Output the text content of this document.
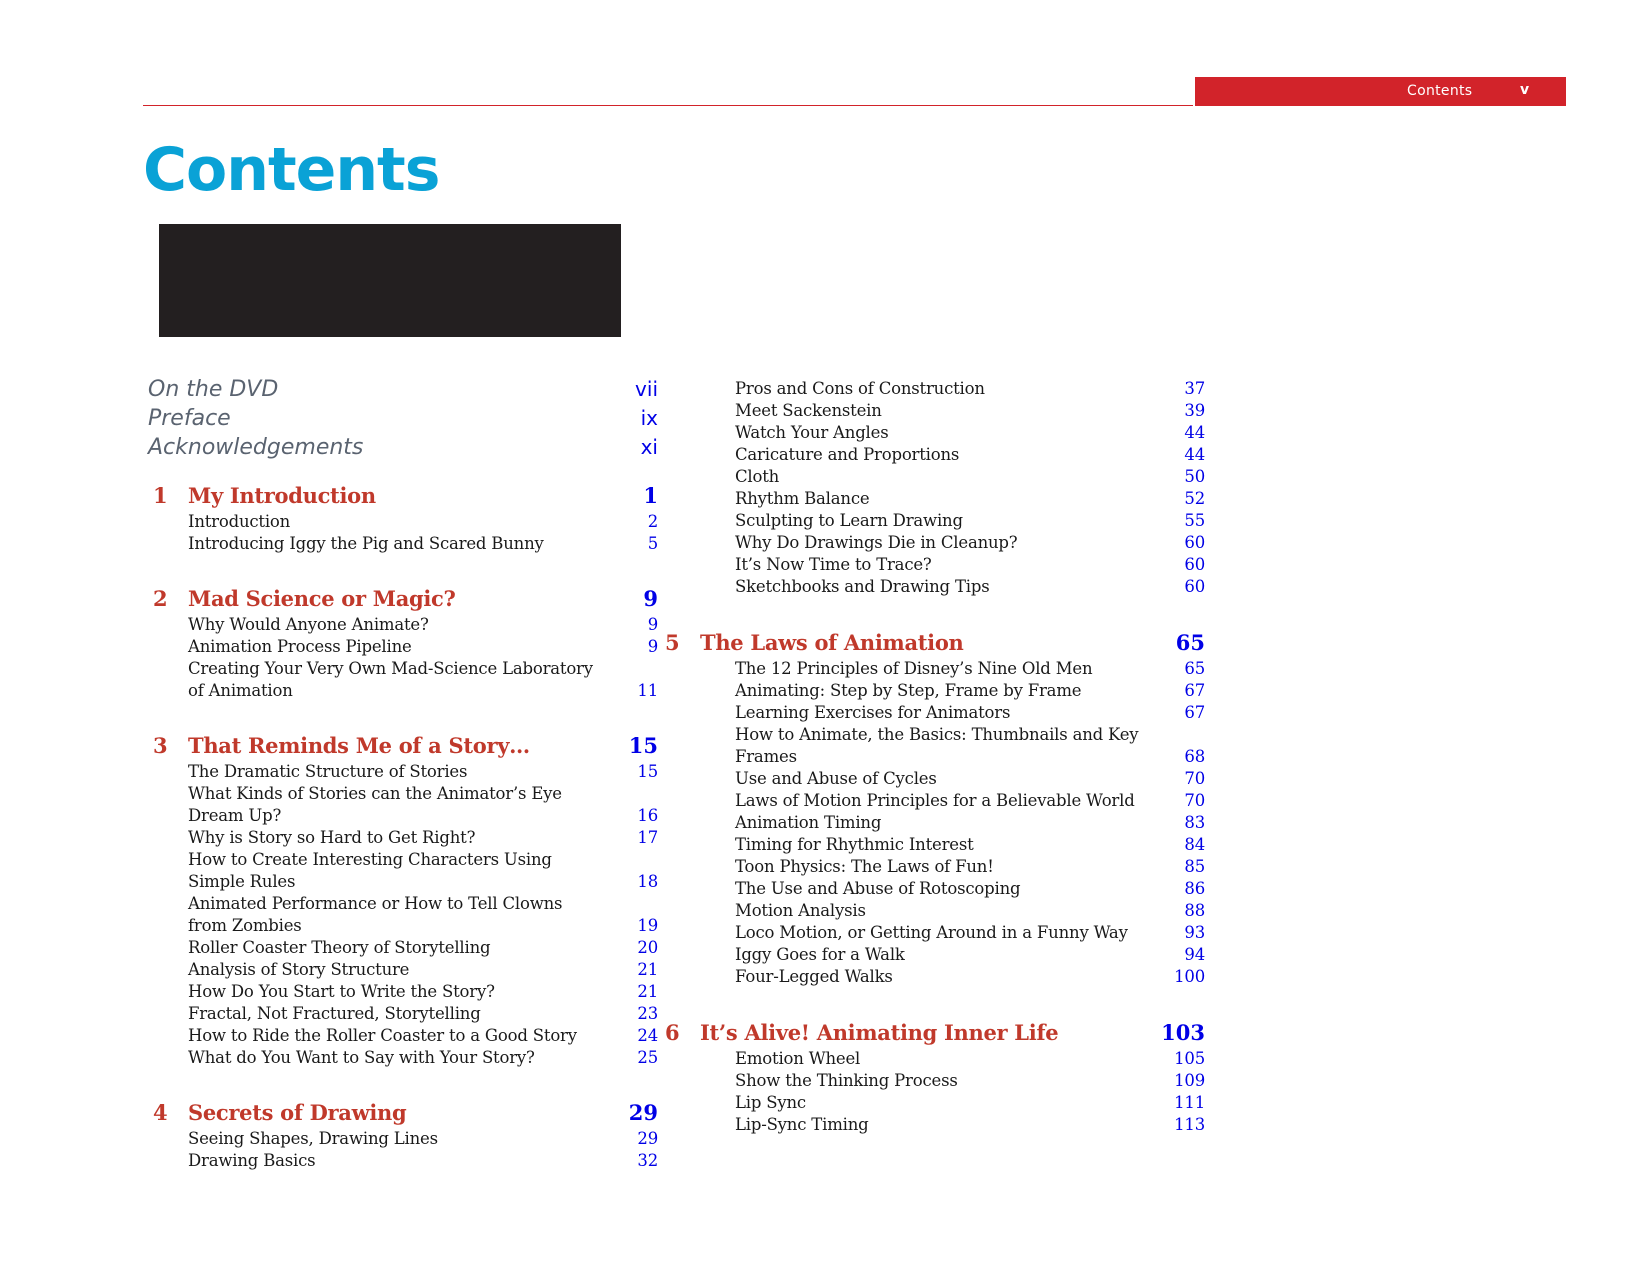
Contents	v
Contents
On the DVD	vii
Preface	ix
Acknowledgements	xi
1 My Introduction	1
Introduction	2
Introducing Iggy the Pig and Scared Bunny	5
2 Mad Science or Magic?	9
Why Would Anyone Animate?	9
Animation Process Pipeline	9
Creating Your Very Own Mad-Science Laboratory of Animation	11
3 That Reminds Me of a Story…	15
The Dramatic Structure of Stories	15
What Kinds of Stories can the Animator’s Eye Dream Up?	16
Why is Story so Hard to Get Right?	17
How to Create Interesting Characters Using Simple Rules	18
Animated Performance or How to Tell Clowns from Zombies	19
Roller Coaster Theory of Storytelling	20
Analysis of Story Structure	21
How Do You Start to Write the Story?	21
Fractal, Not Fractured, Storytelling	23
How to Ride the Roller Coaster to a Good Story	24
What do You Want to Say with Your Story?	25
4 Secrets of Drawing	29
Seeing Shapes, Drawing Lines	29
Drawing Basics	32
Pros and Cons of Construction	37
Meet Sackenstein	39
Watch Your Angles	44
Caricature and Proportions	44
Cloth	50
Rhythm Balance	52
Sculpting to Learn Drawing	55
Why Do Drawings Die in Cleanup?	60
It’s Now Time to Trace?	60
Sketchbooks and Drawing Tips	60
5 The Laws of Animation	65
The 12 Principles of Disney’s Nine Old Men	65
Animating: Step by Step, Frame by Frame	67
Learning Exercises for Animators	67
How to Animate, the Basics: Thumbnails and Key Frames	68
Use and Abuse of Cycles	70
Laws of Motion Principles for a Believable World	70
Animation Timing	83
Timing for Rhythmic Interest	84
Toon Physics: The Laws of Fun!	85
The Use and Abuse of Rotoscoping	86
Motion Analysis	88
Loco Motion, or Getting Around in a Funny Way	93
Iggy Goes for a Walk	94
Four-Legged Walks	100
6 It’s Alive! Animating Inner Life	103
Emotion Wheel	105
Show the Thinking Process	109
Lip Sync	111
Lip-Sync Timing	113
